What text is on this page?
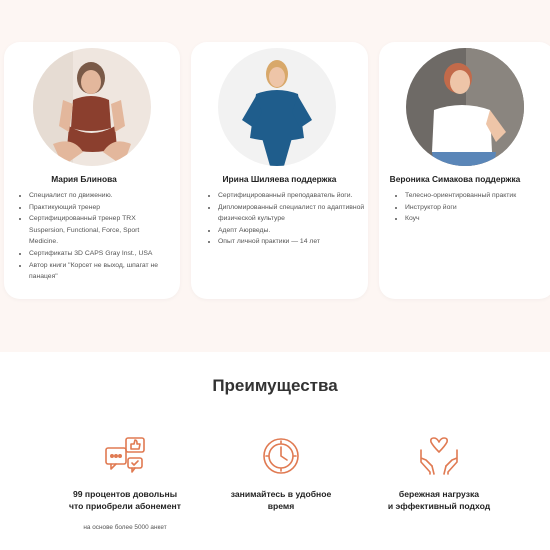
Мария Блинова
• Специалист по движению.
• Практикующий тренер
• Сертифицированный тренер TRX Suspersion, Functional, Force, Sport Medicine.
• Сертификаты 3D CAPS Gray Inst., USA
• Автор книги "Корсет не выход, шпагат не панацея"
Ирина Шиляева поддержка
• Сертифицированный преподаватель йоги.
• Дипломированный специалист по адаптивной физической культуре
• Адепт Аюрведы.
• Опыт личной практики — 14 лет
Вероника Симакова поддержка
• Телесно-ориентированный практик
• Инструктор йоги
• Коуч
Преимущества
99 процентов довольны
что приобрели абонемент
на основе более 5000 анкет
занимайтесь в удобное
время
бережная нагрузка
и эффективный подход
